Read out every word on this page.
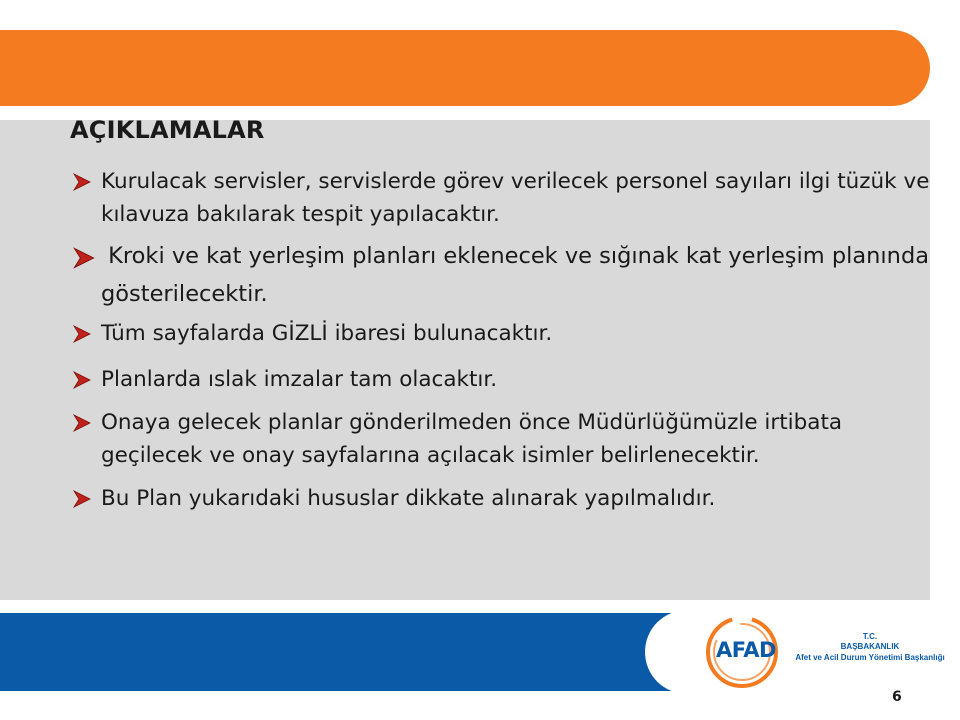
AÇIKLAMALAR
Kurulacak servisler, servislerde görev verilecek personel sayıları ilgi tüzük ve kılavuza bakılarak tespit yapılacaktır.
Kroki ve kat yerleşim planları eklenecek ve sığınak kat yerleşim planında gösterilecektir.
Tüm sayfalarda GİZLİ ibaresi bulunacaktır.
Planlarda ıslak imzalar tam olacaktır.
Onaya gelecek planlar gönderilmeden önce Müdürlüğümüzle irtibata geçilecek ve onay sayfalarına açılacak isimler belirlenecektir.
Bu Plan yukarıdaki hususlar dikkate alınarak yapılmalıdır.
AFAD
T.C.
BAŞBAKANLIK
Afet ve Acil Durum Yönetimi Başkanlığı
6
